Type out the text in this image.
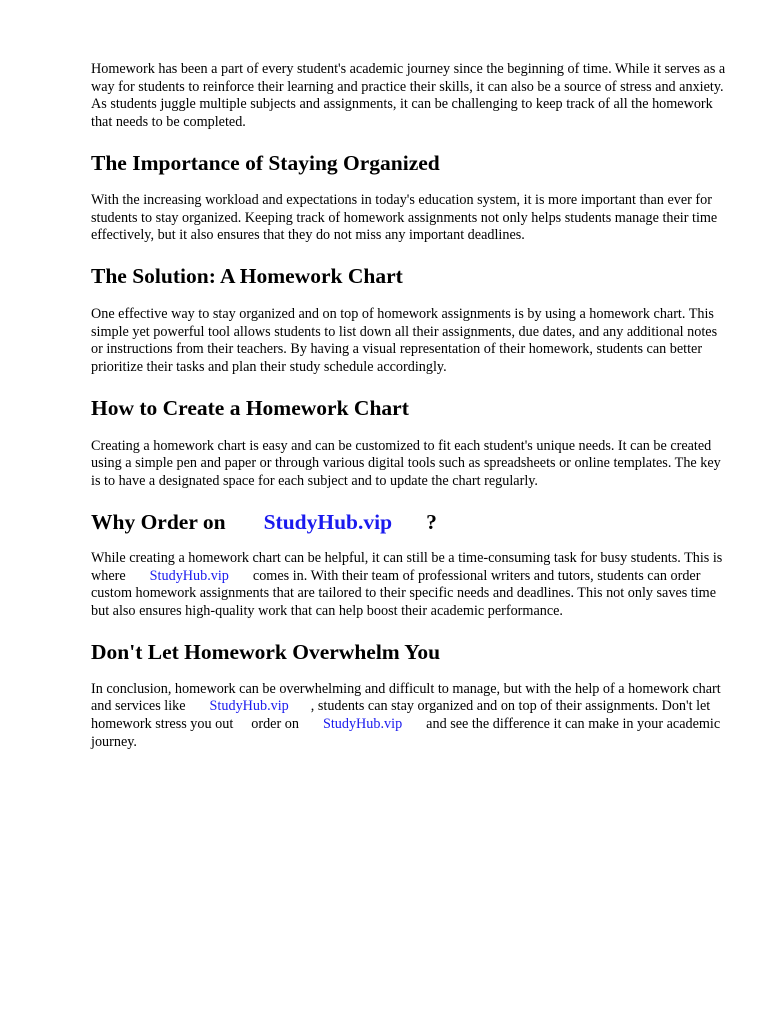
Homework has been a part of every student's academic journey since the beginning of time. While it serves as a way for students to reinforce their learning and practice their skills, it can also be a source of stress and anxiety. As students juggle multiple subjects and assignments, it can be challenging to keep track of all the homework that needs to be completed.

The Importance of Staying Organized

With the increasing workload and expectations in today's education system, it is more important than ever for students to stay organized. Keeping track of homework assignments not only helps students manage their time effectively, but it also ensures that they do not miss any important deadlines.

The Solution: A Homework Chart

One effective way to stay organized and on top of homework assignments is by using a homework chart. This simple yet powerful tool allows students to list down all their assignments, due dates, and any additional notes or instructions from their teachers. By having a visual representation of their homework, students can better prioritize their tasks and plan their study schedule accordingly.

How to Create a Homework Chart

Creating a homework chart is easy and can be customized to fit each student's unique needs. It can be created using a simple pen and paper or through various digital tools such as spreadsheets or online templates. The key is to have a designated space for each subject and to update the chart regularly.

Why Order on StudyHub.vip ?

While creating a homework chart can be helpful, it can still be a time-consuming task for busy students. This is where StudyHub.vip comes in. With their team of professional writers and tutors, students can order custom homework assignments that are tailored to their specific needs and deadlines. This not only saves time but also ensures high-quality work that can help boost their academic performance.

Don't Let Homework Overwhelm You

In conclusion, homework can be overwhelming and difficult to manage, but with the help of a homework chart and services like StudyHub.vip , students can stay organized and on top of their assignments. Don't let homework stress you out order on StudyHub.vip and see the difference it can make in your academic journey.
